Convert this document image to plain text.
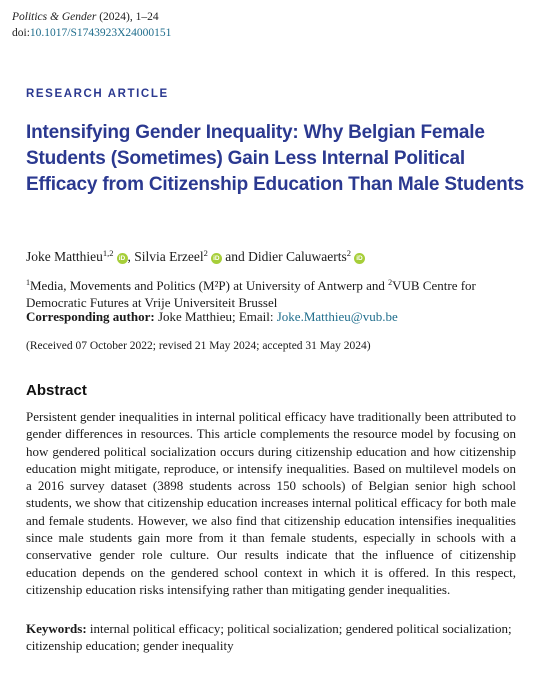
Politics & Gender (2024), 1–24
doi:10.1017/S1743923X24000151
RESEARCH ARTICLE
Intensifying Gender Inequality: Why Belgian Female Students (Sometimes) Gain Less Internal Political Efficacy from Citizenship Education Than Male Students
Joke Matthieu$^{1,2}$iD , Silvia Erzeel$^2$iD and Didier Caluwaerts$^2$iD
$^1$Media, Movements and Politics (M²P) at University of Antwerp and $^2$VUB Centre for Democratic Futures at Vrije Universiteit Brussel
Corresponding author: Joke Matthieu; Email: Joke.Matthieu@vub.be
(Received 07 October 2022; revised 21 May 2024; accepted 31 May 2024)
Abstract
Persistent gender inequalities in internal political efficacy have traditionally been attributed to gender differences in resources. This article complements the resource model by focusing on how gendered political socialization occurs during citizenship education and how citizenship education might mitigate, reproduce, or intensify inequalities. Based on multilevel models on a 2016 survey dataset (3898 students across 150 schools) of Belgian senior high school students, we show that citizenship education increases internal political efficacy for both male and female students. However, we also find that citizenship education intensifies inequalities since male students gain more from it than female students, especially in schools with a conservative gender role culture. Our results indicate that the influence of citizenship education depends on the gendered school context in which it is offered. In this respect, citizenship education risks intensifying rather than mitigating gender inequalities.
Keywords: internal political efficacy; political socialization; gendered political socialization; citizenship education; gender inequality
